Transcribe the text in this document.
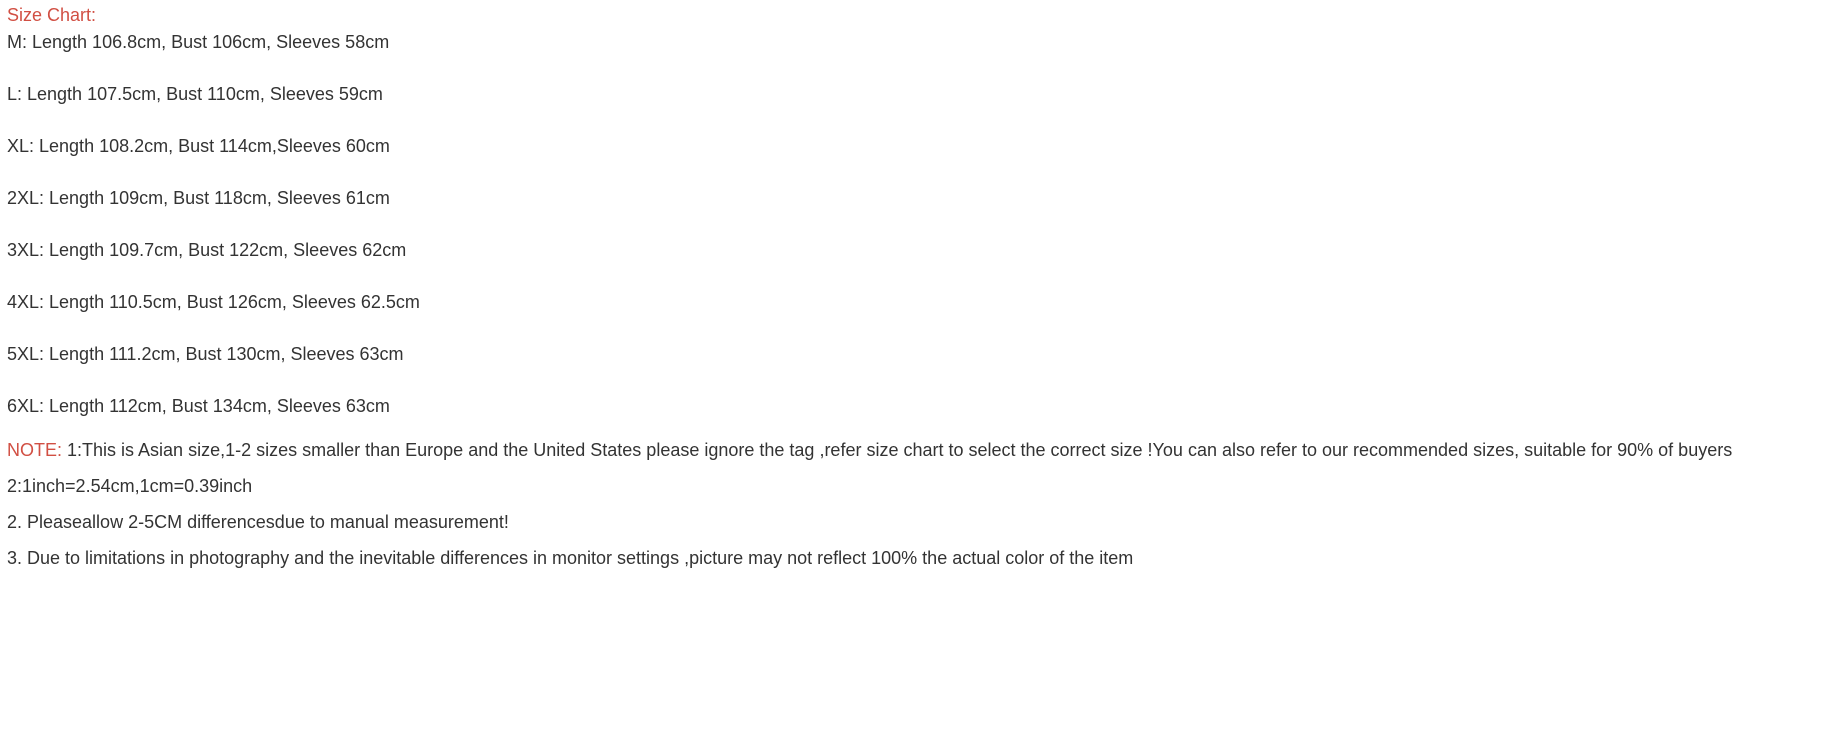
Size Chart:

M: Length 106.8cm, Bust 106cm, Sleeves 58cm

L: Length 107.5cm, Bust 110cm, Sleeves 59cm

XL: Length 108.2cm, Bust 114cm,Sleeves 60cm

2XL: Length 109cm, Bust 118cm, Sleeves 61cm

3XL: Length 109.7cm, Bust 122cm, Sleeves 62cm

4XL: Length 110.5cm, Bust 126cm, Sleeves 62.5cm

5XL: Length 111.2cm, Bust 130cm, Sleeves 63cm

6XL: Length 112cm, Bust 134cm, Sleeves 63cm

NOTE: 1:This is Asian size,1-2 sizes smaller than Europe and the United States please ignore the tag ,refer size chart to select the correct size !You can also refer to our recommended sizes, suitable for 90% of buyers
2:1inch=2.54cm,1cm=0.39inch
2. Pleaseallow 2-5CM differencesdue to manual measurement!
3. Due to limitations in photography and the inevitable differences in monitor settings ,picture may not reflect 100% the actual color of the item
